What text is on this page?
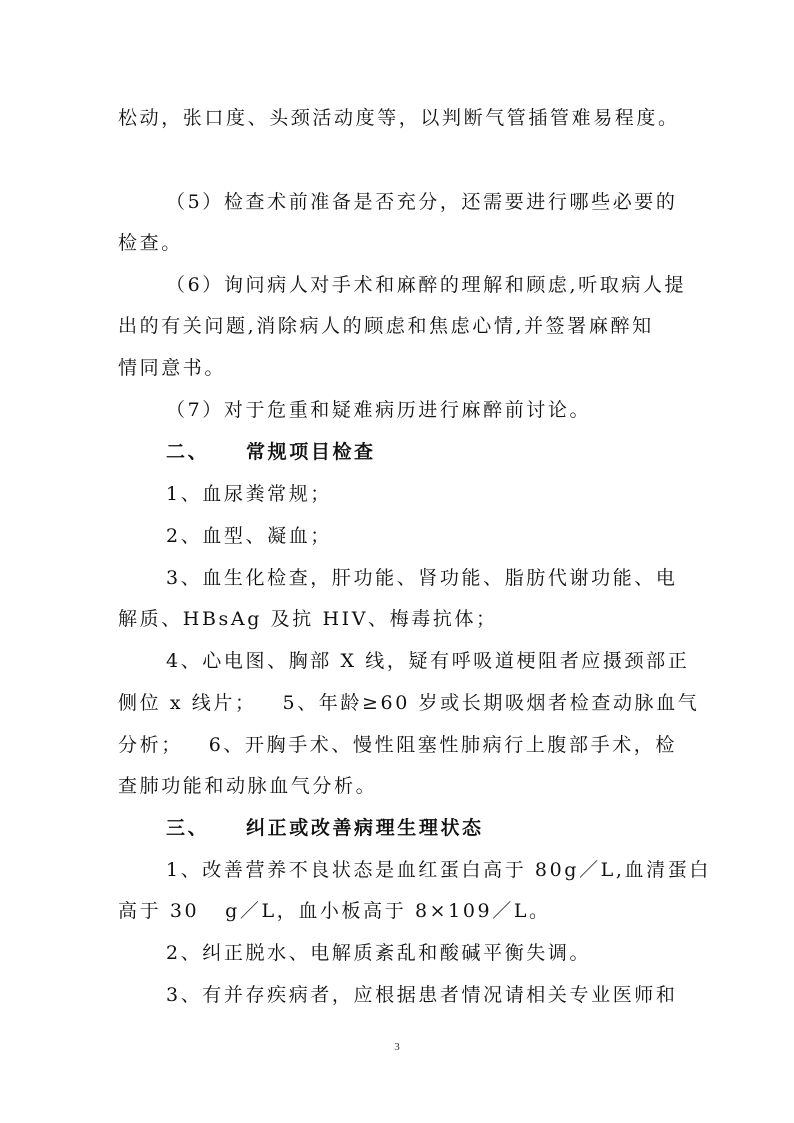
松动，张口度、头颈活动度等，以判断气管插管难易程度。
（5）检查术前准备是否充分，还需要进行哪些必要的
检查。
（6）询问病人对手术和麻醉的理解和顾虑,听取病人提
出的有关问题,消除病人的顾虑和焦虑心情,并签署麻醉知
情同意书。
（7）对于危重和疑难病历进行麻醉前讨论。
二、    常规项目检查
1、血尿粪常规；
2、血型、凝血；
3、血生化检查，肝功能、肾功能、脂肪代谢功能、电
解质、HBsAg 及抗 HIV、梅毒抗体；
4、心电图、胸部 X 线，疑有呼吸道梗阻者应摄颈部正
侧位 x 线片；   5、年龄≥60 岁或长期吸烟者检查动脉血气
分析；   6、开胸手术、慢性阻塞性肺病行上腹部手术，检
查肺功能和动脉血气分析。
三、    纠正或改善病理生理状态
1、改善营养不良状态是血红蛋白高于 80g／L,血清蛋白
高于 30   g／L，血小板高于 8×109／L。
2、纠正脱水、电解质紊乱和酸碱平衡失调。
3、有并存疾病者，应根据患者情况请相关专业医师和
3
